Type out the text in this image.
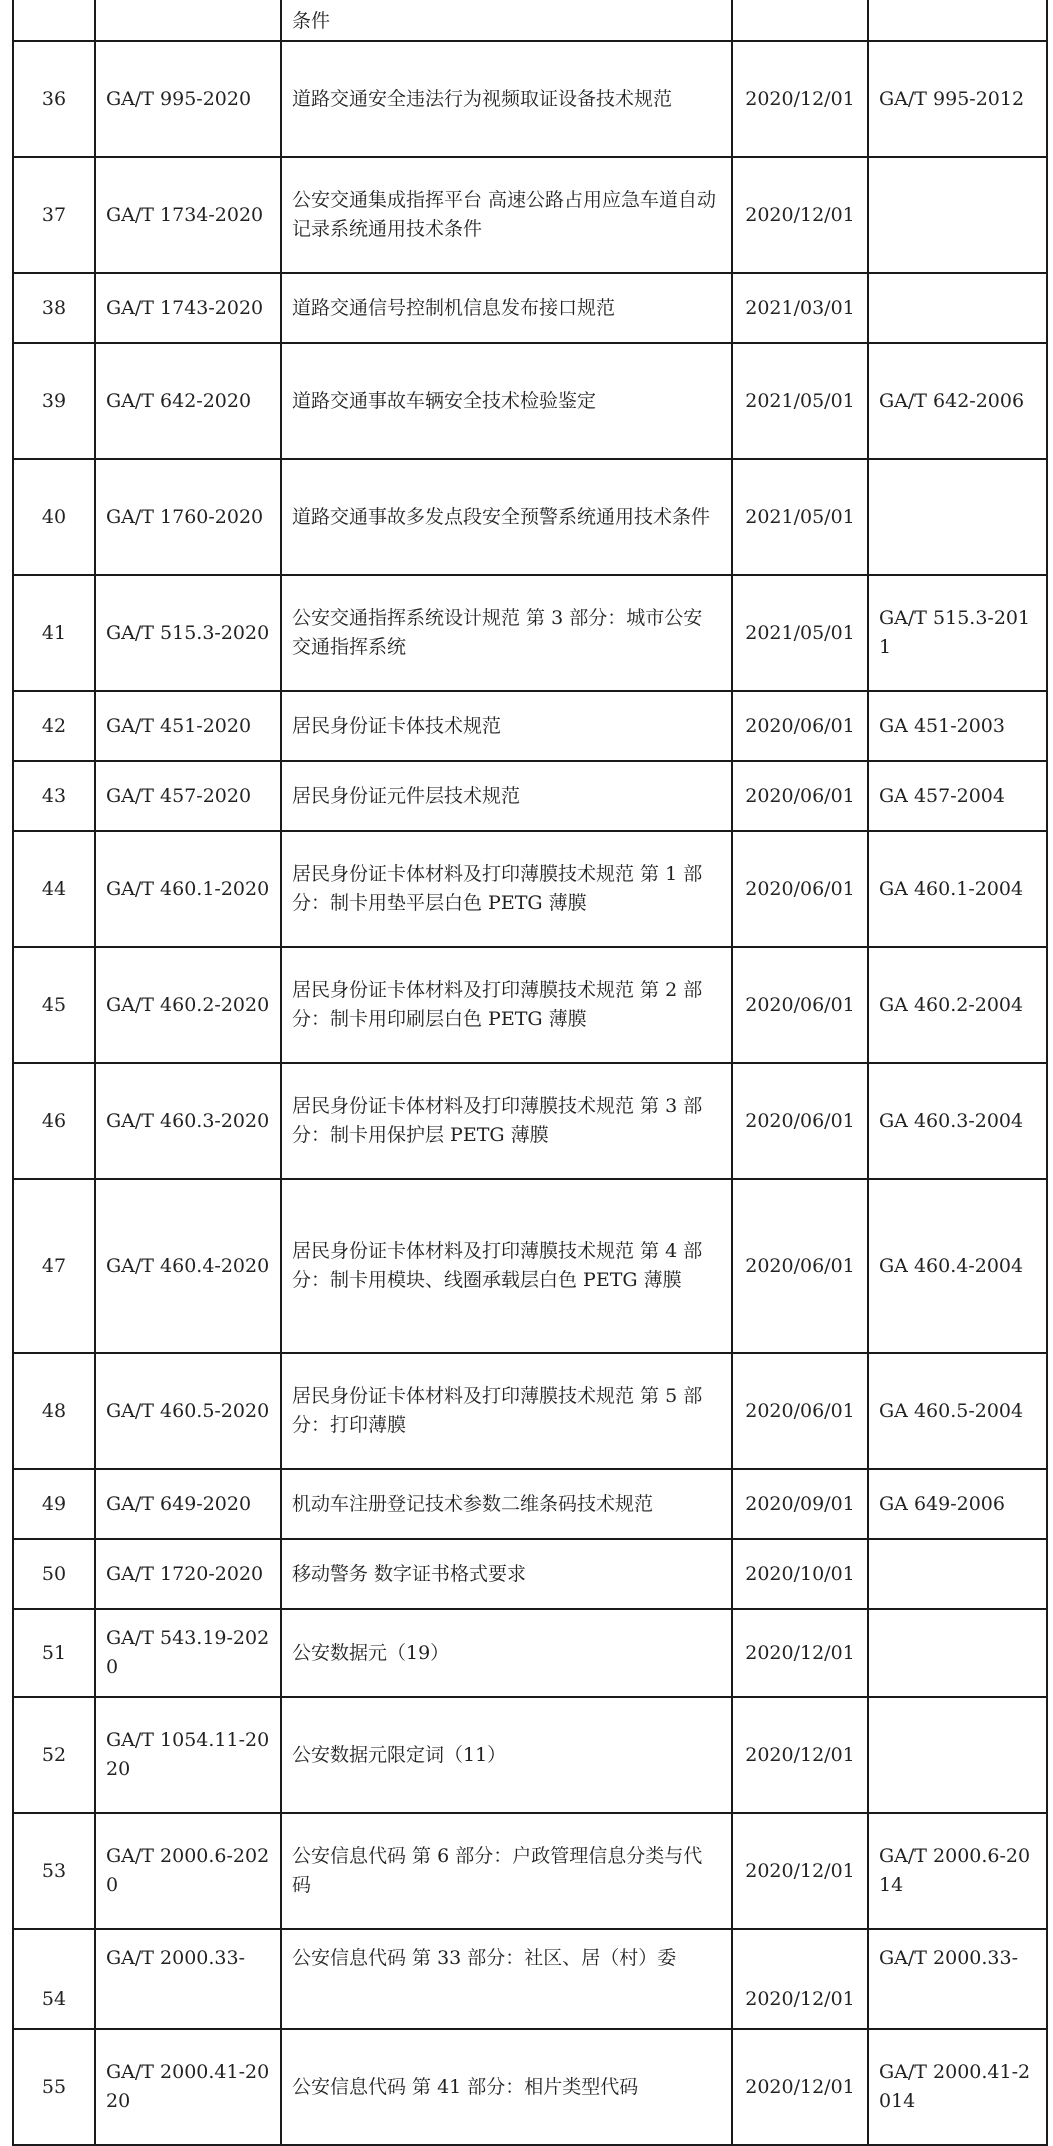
		条件		
36	GA/T 995-2020	道路交通安全违法行为视频取证设备技术规范	2020/12/01	GA/T 995-2012
37	GA/T 1734-2020	公安交通集成指挥平台 高速公路占用应急车道自动记录系统通用技术条件	2020/12/01	
38	GA/T 1743-2020	道路交通信号控制机信息发布接口规范	2021/03/01	
39	GA/T 642-2020	道路交通事故车辆安全技术检验鉴定	2021/05/01	GA/T 642-2006
40	GA/T 1760-2020	道路交通事故多发点段安全预警系统通用技术条件	2021/05/01	
41	GA/T 515.3-2020	公安交通指挥系统设计规范 第 3 部分：城市公安交通指挥系统	2021/05/01	GA/T 515.3-2011
42	GA/T 451-2020	居民身份证卡体技术规范	2020/06/01	GA 451-2003
43	GA/T 457-2020	居民身份证元件层技术规范	2020/06/01	GA 457-2004
44	GA/T 460.1-2020	居民身份证卡体材料及打印薄膜技术规范 第 1 部分：制卡用垫平层白色 PETG 薄膜	2020/06/01	GA 460.1-2004
45	GA/T 460.2-2020	居民身份证卡体材料及打印薄膜技术规范 第 2 部分：制卡用印刷层白色 PETG 薄膜	2020/06/01	GA 460.2-2004
46	GA/T 460.3-2020	居民身份证卡体材料及打印薄膜技术规范 第 3 部分：制卡用保护层 PETG 薄膜	2020/06/01	GA 460.3-2004
47	GA/T 460.4-2020	居民身份证卡体材料及打印薄膜技术规范 第 4 部分：制卡用模块、线圈承载层白色 PETG 薄膜	2020/06/01	GA 460.4-2004
48	GA/T 460.5-2020	居民身份证卡体材料及打印薄膜技术规范 第 5 部分：打印薄膜	2020/06/01	GA 460.5-2004
49	GA/T 649-2020	机动车注册登记技术参数二维条码技术规范	2020/09/01	GA 649-2006
50	GA/T 1720-2020	移动警务 数字证书格式要求	2020/10/01	
51	GA/T 543.19-2020	公安数据元（19）	2020/12/01	
52	GA/T 1054.11-2020	公安数据元限定词（11）	2020/12/01	
53	GA/T 2000.6-2020	公安信息代码 第 6 部分：户政管理信息分类与代码	2020/12/01	GA/T 2000.6-2014
54	GA/T 2000.33-	公安信息代码 第 33 部分：社区、居（村）委	2020/12/01	GA/T 2000.33-
55	GA/T 2000.41-2020	公安信息代码 第 41 部分：相片类型代码	2020/12/01	GA/T 2000.41-2014
